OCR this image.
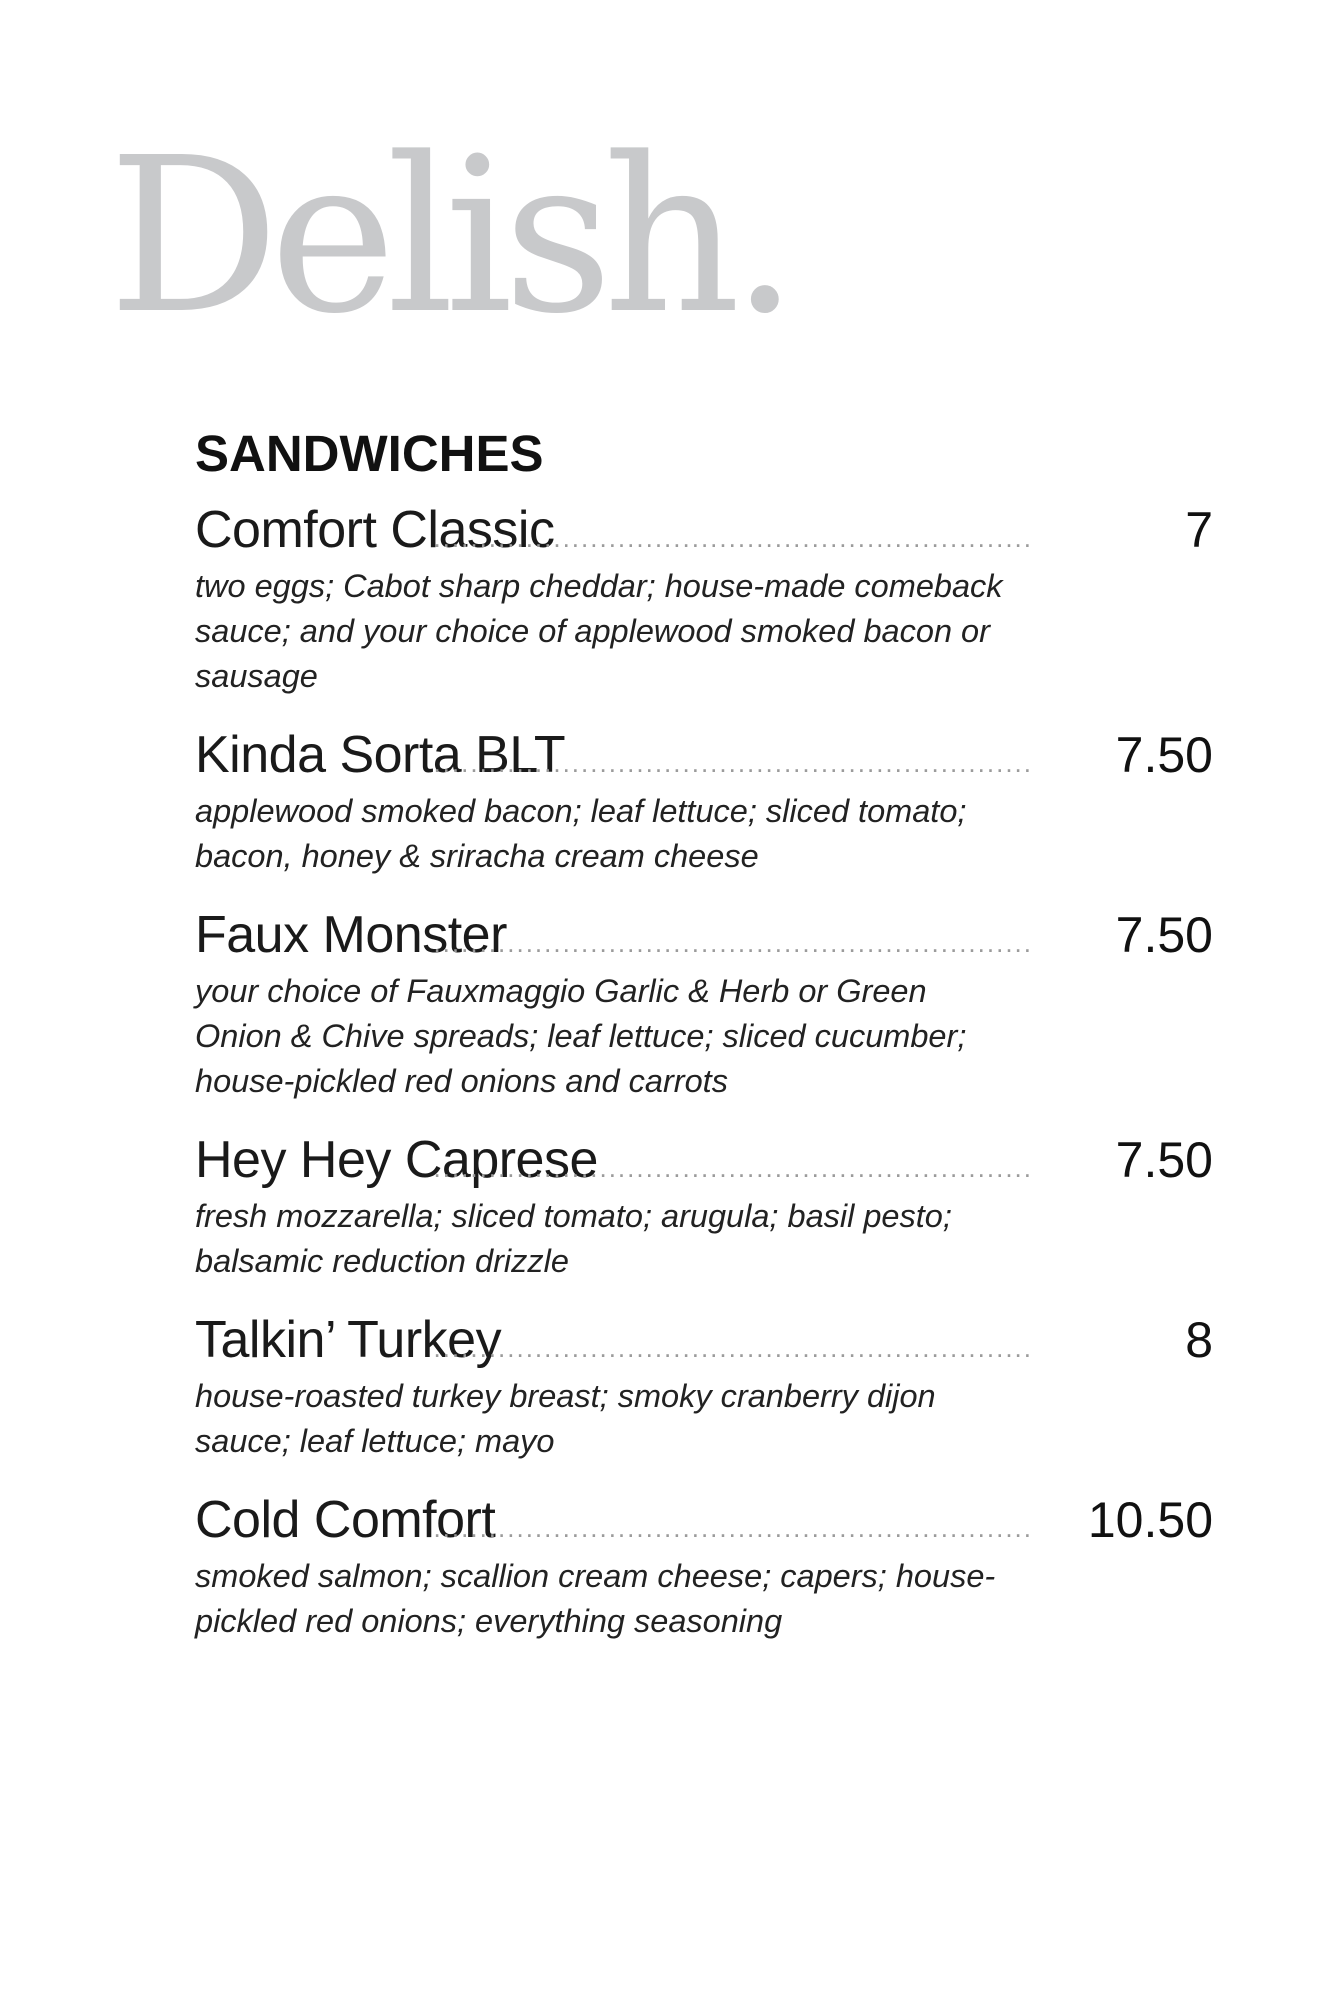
Delish.
SANDWICHES
Comfort Classic
.................................................................	7
two eggs; Cabot sharp cheddar; house-made comeback sauce; and your choice of applewood smoked bacon or sausage
Kinda Sorta BLT
.................................................................	7.50
applewood smoked bacon; leaf lettuce; sliced tomato; bacon, honey & sriracha cream cheese
Faux Monster
.................................................................	7.50
your choice of Fauxmaggio Garlic & Herb or Green Onion & Chive spreads; leaf lettuce; sliced cucumber; house-pickled red onions and carrots
Hey Hey Caprese
.................................................................	7.50
fresh mozzarella; sliced tomato; arugula; basil pesto; balsamic reduction drizzle
Talkin’ Turkey
.................................................................	8
house-roasted turkey breast; smoky cranberry dijon sauce; leaf lettuce; mayo
Cold Comfort
.................................................................	10.50
smoked salmon; scallion cream cheese; capers; house-pickled red onions; everything seasoning
